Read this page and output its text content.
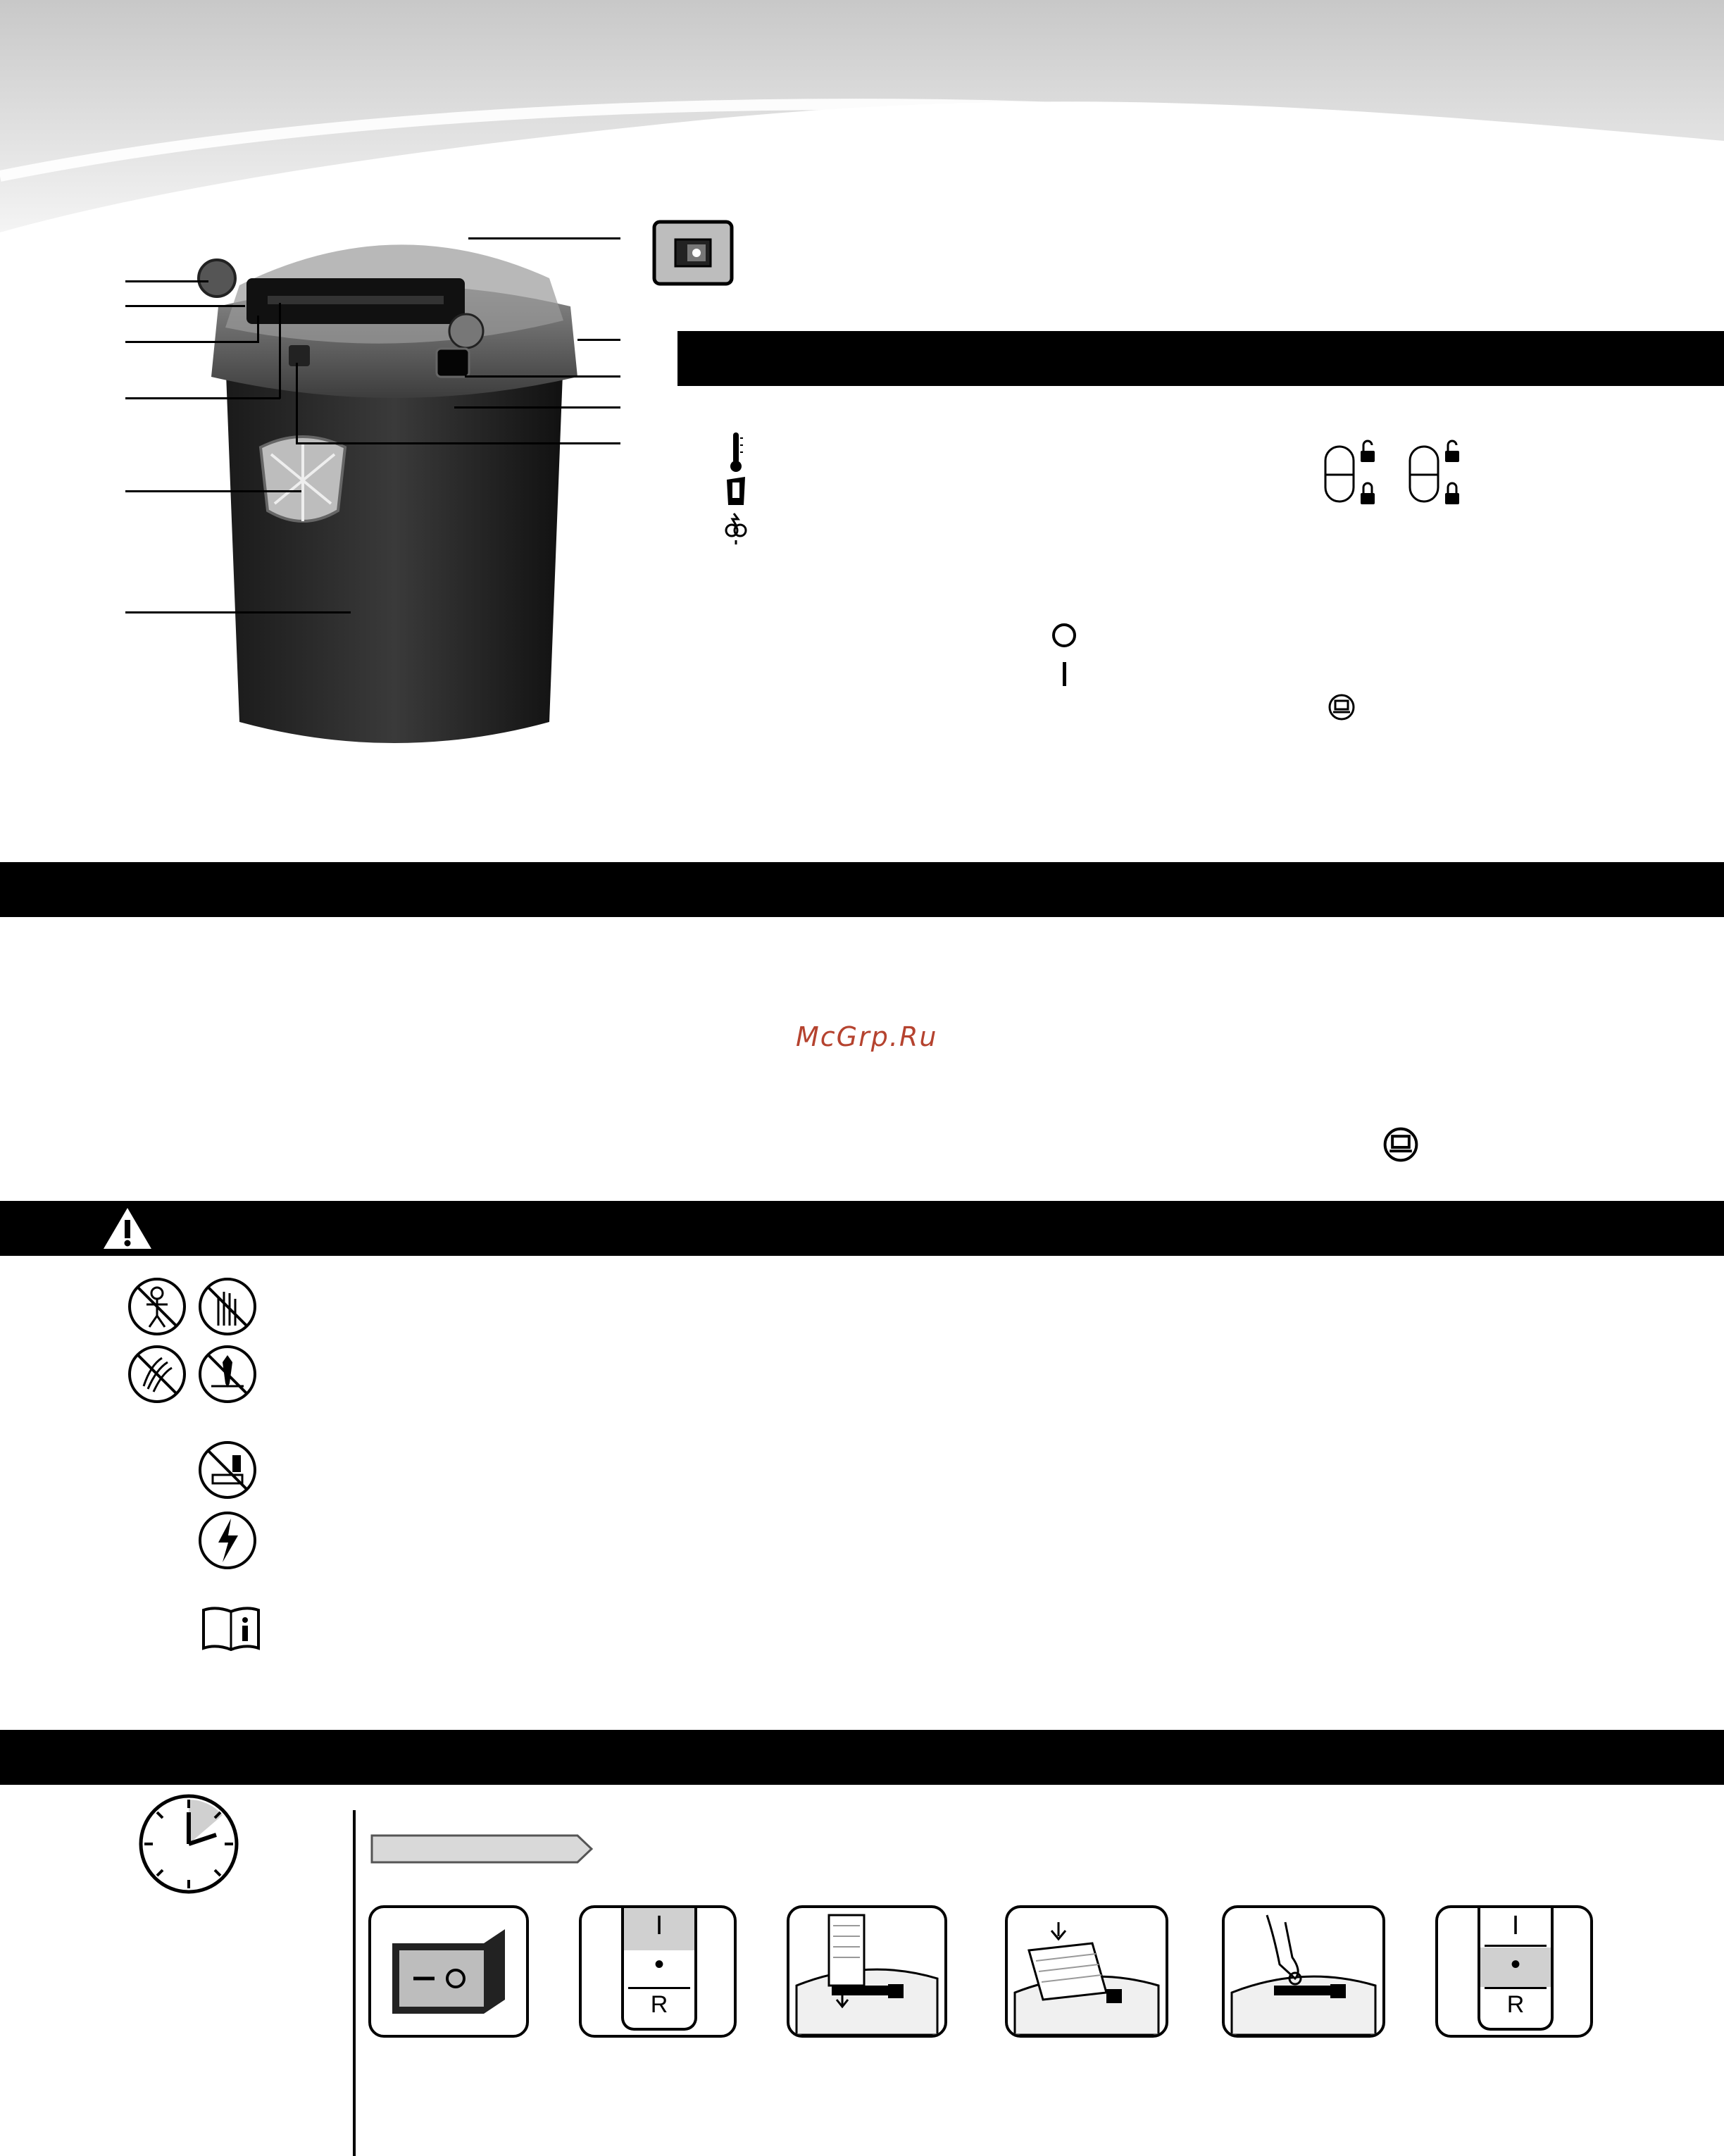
McGrp.Ru
I
•
R
I
•
R
